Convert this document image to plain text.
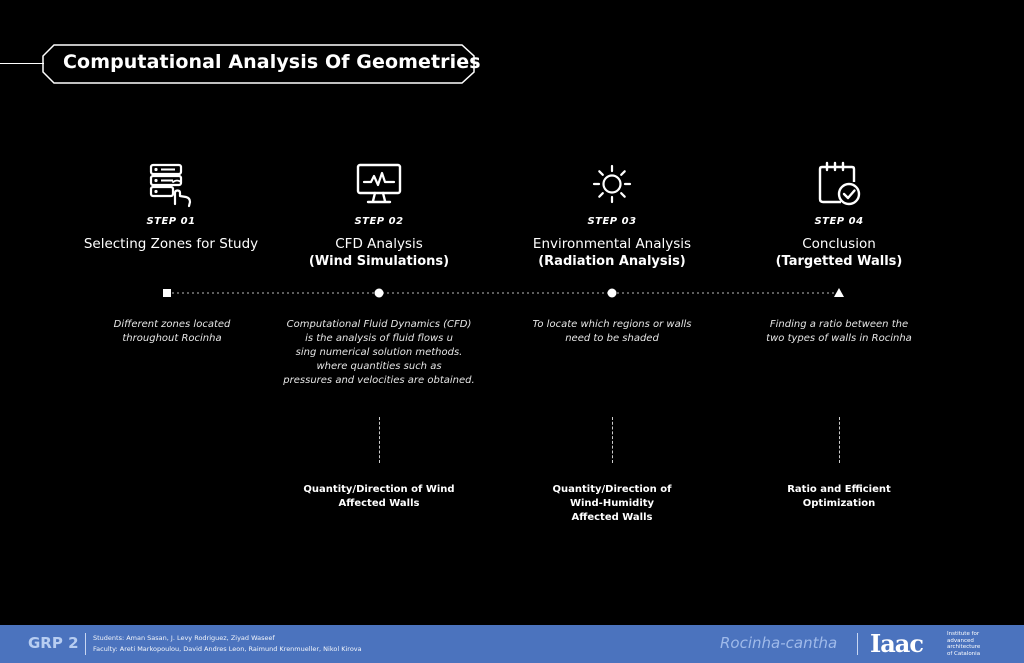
Computational Analysis Of Geometries
STEP 01
Selecting Zones for Study
STEP 02
CFD Analysis
(Wind Simulations)
STEP 03
Environmental Analysis
(Radiation Analysis)
STEP 04
Conclusion
(Targetted Walls)
Different zones located
throughout Rocinha
Computational Fluid Dynamics (CFD)
is the analysis of fluid flows u
sing numerical solution methods.
where quantities such as
pressures and velocities are obtained.
To locate which regions or walls
need to be shaded
Finding a ratio between the
two types of walls in Rocinha
Quantity/Direction of Wind
Affected Walls
Quantity/Direction of
Wind-Humidity
Affected Walls
Ratio and Efficient
Optimization
GRP 2 Students: Aman Sasan, J. Levy Rodriguez, Ziyad Waseef
Faculty: Areti Markopoulou, David Andres Leon, Raimund Krenmueller, Nikol Kirova	Rocinha-cantha Iaac	Institute for
advanced
architecture
of Catalonia
